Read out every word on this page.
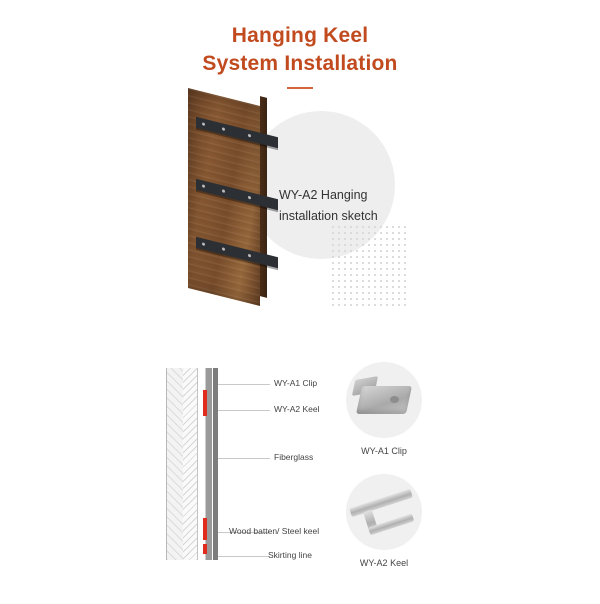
Hanging Keel
System Installation
WY-A2 Hanging
installation sketch
WY-A1 Clip
WY-A2 Keel
Fiberglass
Wood batten/ Steel keel
Skirting line
WY-A1 Clip
WY-A2 Keel
